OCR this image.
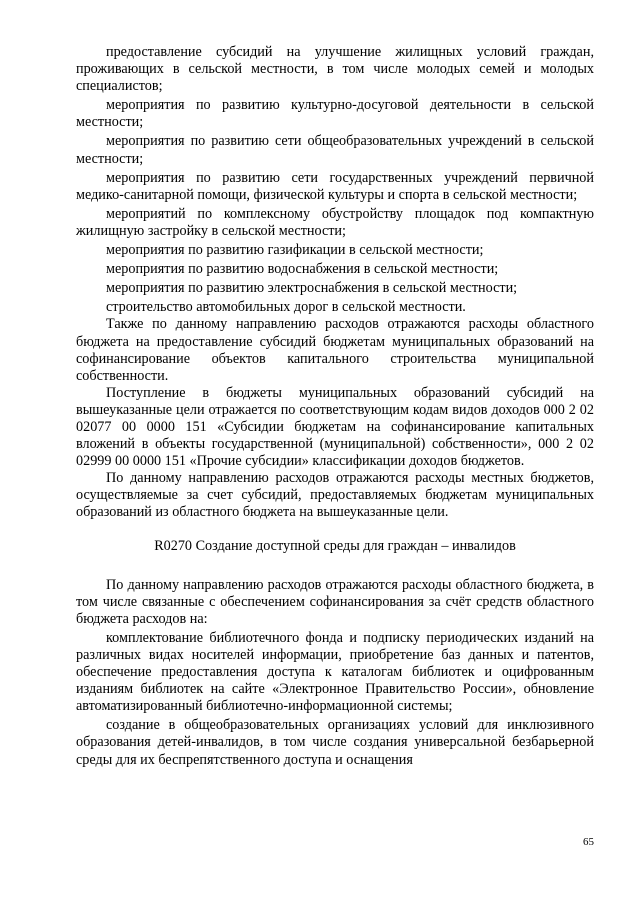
предоставление субсидий на улучшение жилищных условий граждан, проживающих в сельской местности, в том числе молодых семей и молодых специалистов;

мероприятия по развитию культурно-досуговой деятельности в сельской местности;

мероприятия по развитию сети общеобразовательных учреждений в сельской местности;

мероприятия по развитию сети государственных учреждений первичной медико-санитарной помощи, физической культуры и спорта в сельской местности;

мероприятий по комплексному обустройству площадок под компактную жилищную застройку в сельской местности;

мероприятия по развитию газификации в сельской местности;

мероприятия по развитию водоснабжения в сельской местности;

мероприятия по развитию электроснабжения в сельской местности;

строительство автомобильных дорог в сельской местности.

Также по данному направлению расходов отражаются расходы областного бюджета на предоставление субсидий бюджетам муниципальных образований на софинансирование объектов капитального строительства муниципальной собственности.

Поступление в бюджеты муниципальных образований субсидий на вышеуказанные цели отражается по соответствующим кодам видов доходов 000 2 02 02077 00 0000 151 «Субсидии бюджетам на софинансирование капитальных вложений в объекты государственной (муниципальной) собственности», 000 2 02 02999 00 0000 151 «Прочие субсидии» классификации доходов бюджетов.

По данному направлению расходов отражаются расходы местных бюджетов, осуществляемые за счет субсидий, предоставляемых бюджетам муниципальных образований из областного бюджета на вышеуказанные цели.

R0270 Создание доступной среды для граждан – инвалидов

По данному направлению расходов отражаются расходы областного бюджета, в том числе связанные с обеспечением софинансирования за счёт средств областного бюджета расходов на:

комплектование библиотечного фонда и подписку периодических изданий на различных видах носителей информации, приобретение баз данных и патентов, обеспечение предоставления доступа к каталогам библиотек и оцифрованным изданиям библиотек на сайте «Электронное Правительство России», обновление автоматизированный библиотечно-информационной системы;

создание в общеобразовательных организациях условий для инклюзивного образования детей-инвалидов, в том числе создания универсальной безбарьерной среды для их беспрепятственного доступа и оснащения

65
